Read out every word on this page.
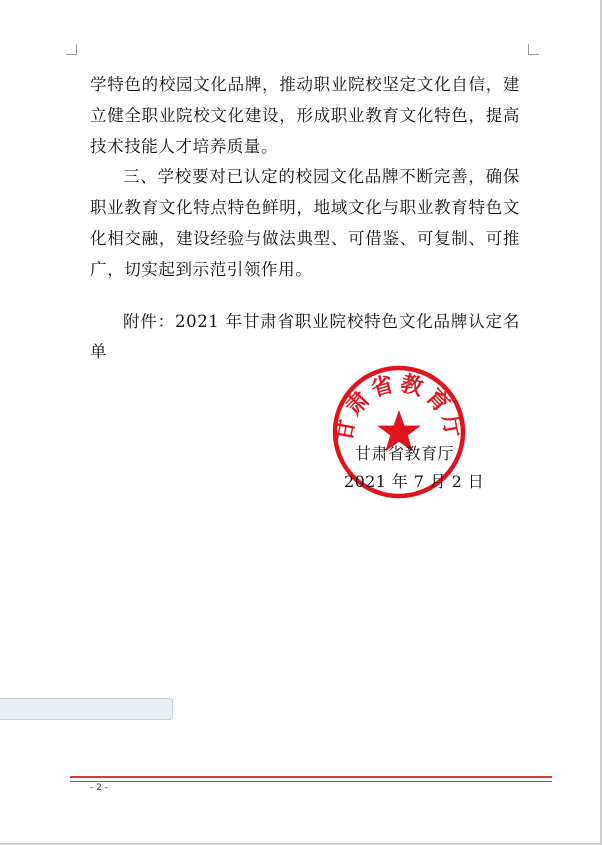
学特色的校园文化品牌，推动职业院校坚定文化自信，建立健全职业院校文化建设，形成职业教育文化特色，提高技术技能人才培养质量。

三、学校要对已认定的校园文化品牌不断完善，确保职业教育文化特点特色鲜明，地域文化与职业教育特色文化相交融，建设经验与做法典型、可借鉴、可复制、可推广，切实起到示范引领作用。

附件：2021 年甘肃省职业院校特色文化品牌认定名单

甘肃省教育厅
甘肃省教育厅
2021 年 7 月 2 日
- 2 -
